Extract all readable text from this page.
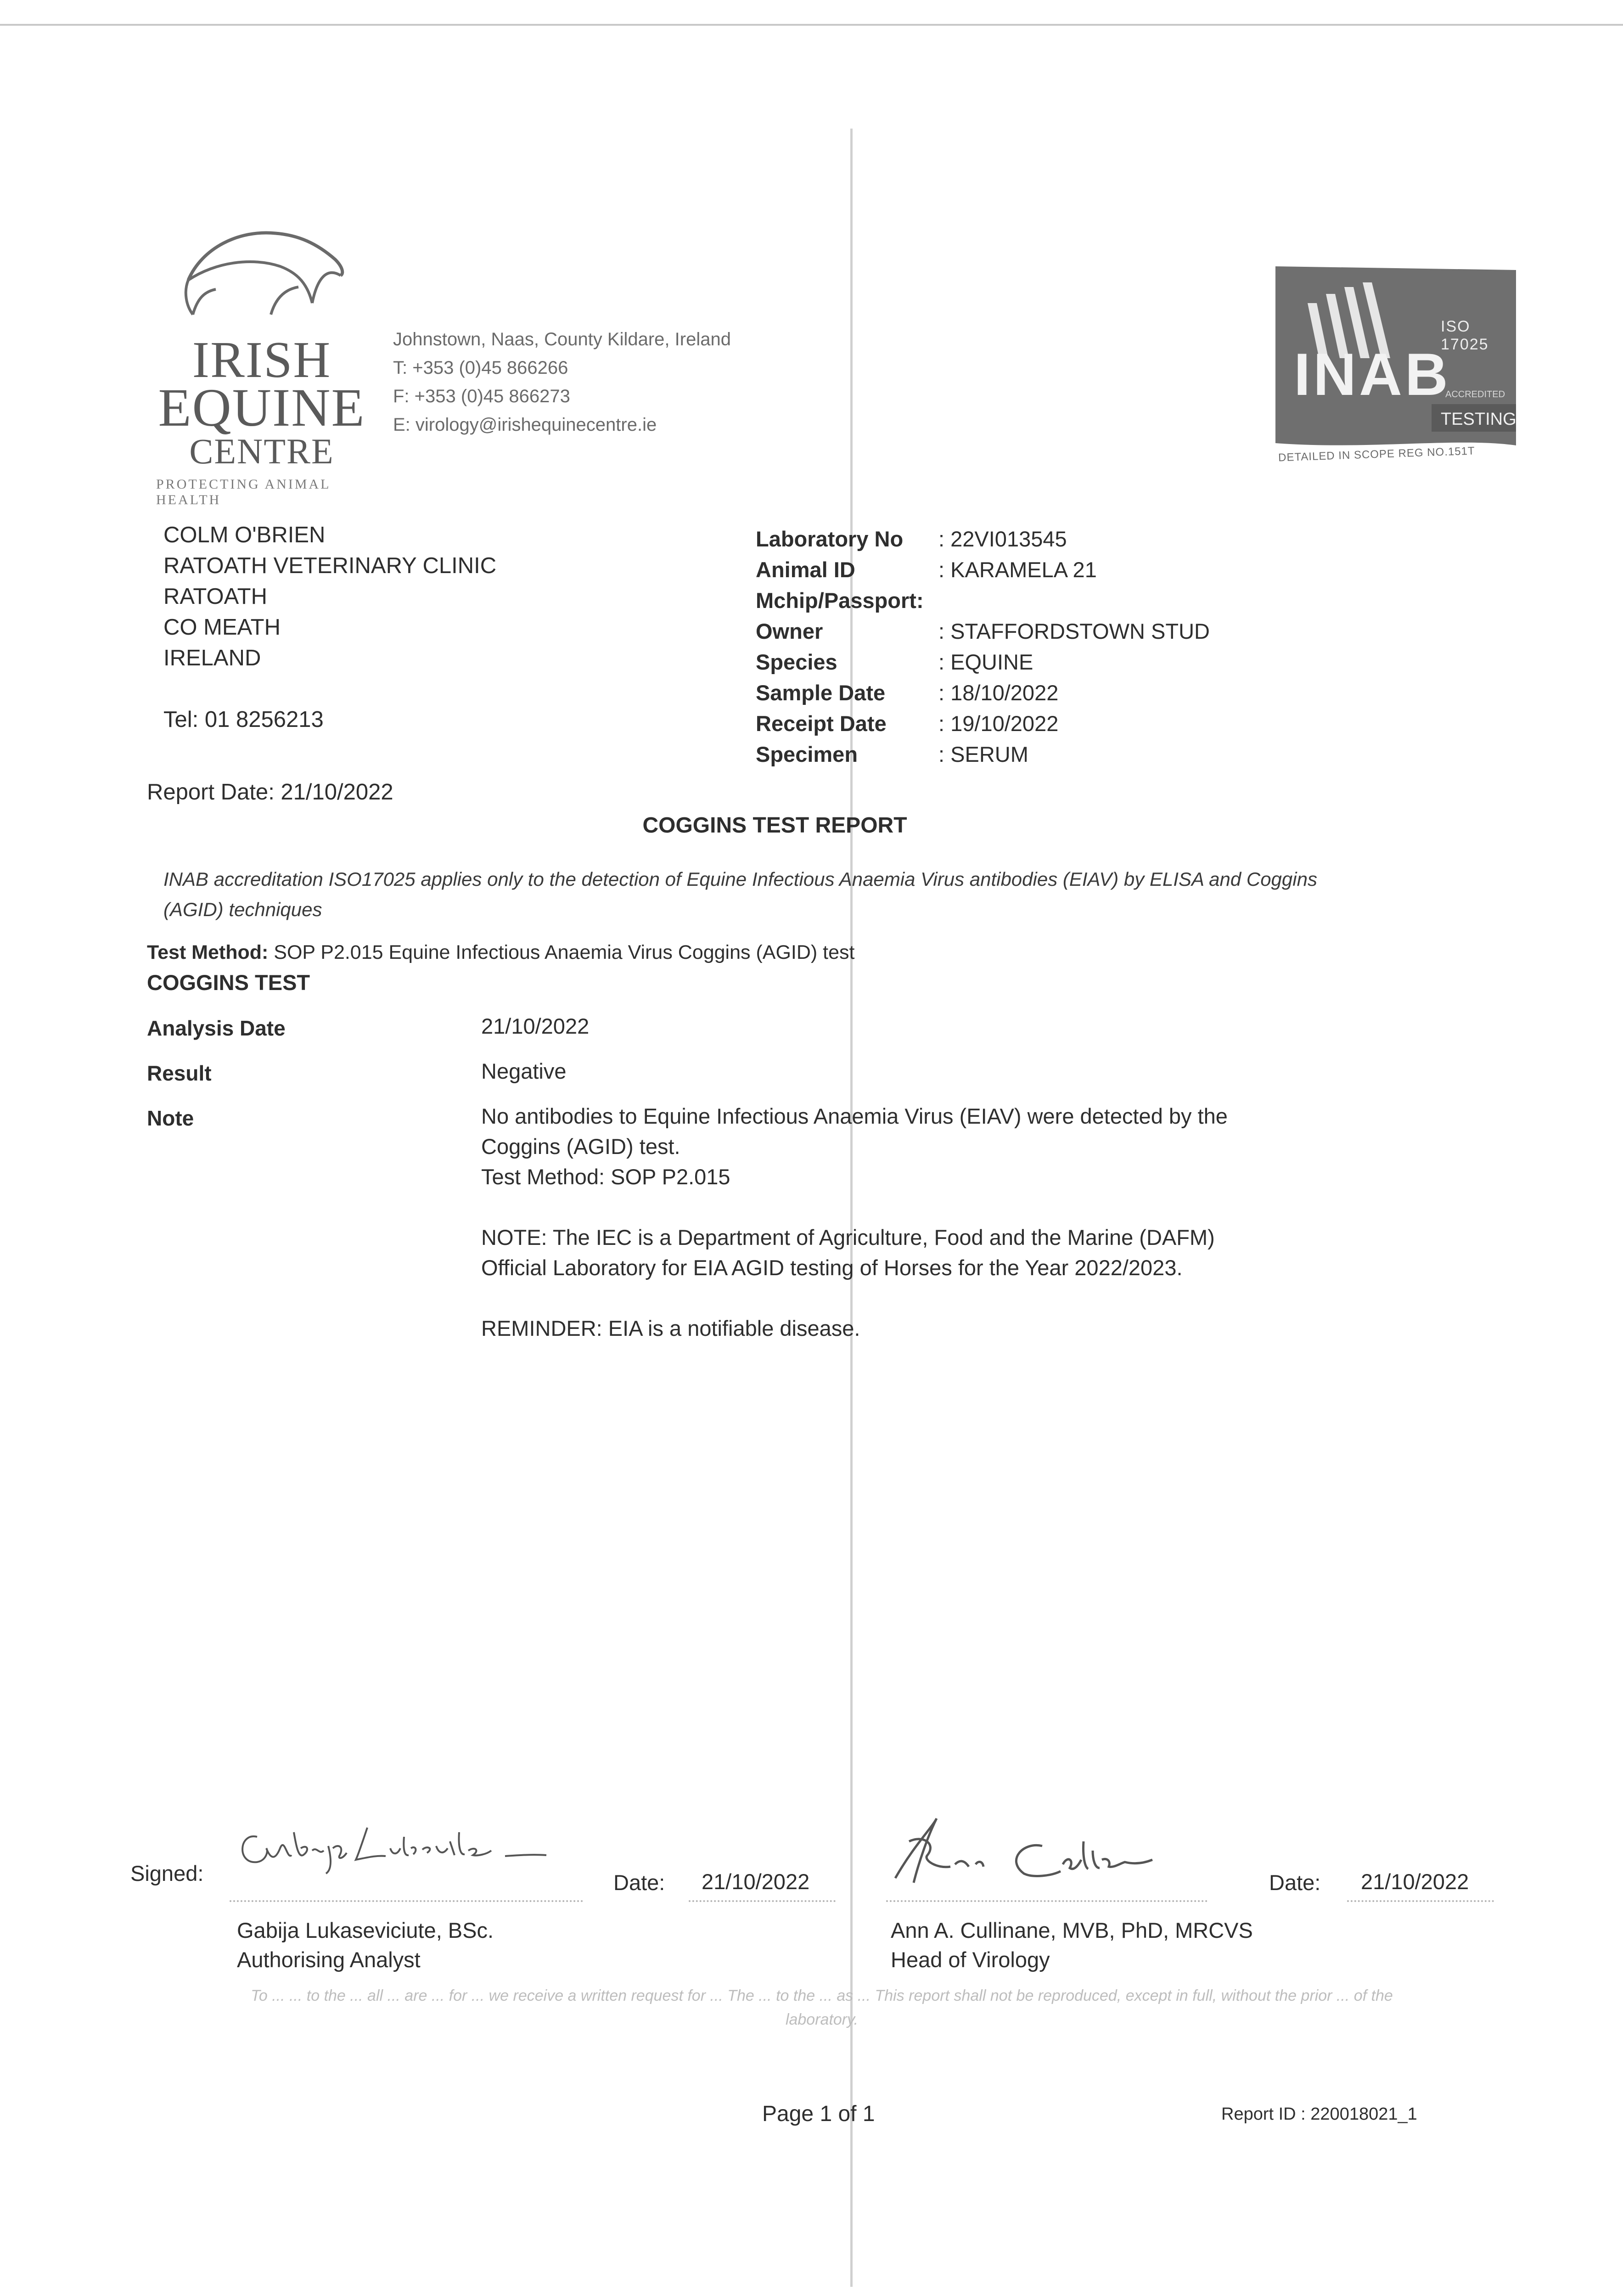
IRISH
EQUINE
CENTRE
PROTECTING ANIMAL HEALTH
Johnstown, Naas, County Kildare, Ireland
T: +353 (0)45 866266
F: +353 (0)45 866273
E: virology@irishequinecentre.ie
ISO 17025
INAB
ACCREDITED
TESTING
DETAILED IN SCOPE REG NO.151T
COLM O'BRIEN
RATOATH VETERINARY CLINIC
RATOATH
CO MEATH
IRELAND
Tel: 01 8256213
Report Date: 21/10/2022
Laboratory No	: 22VI013545
Animal ID	: KARAMELA 21
Mchip/Passport:
Owner	: STAFFORDSTOWN STUD
Species	: EQUINE
Sample Date	: 18/10/2022
Receipt Date	: 19/10/2022
Specimen	: SERUM
COGGINS TEST REPORT
INAB accreditation ISO17025 applies only to the detection of Equine Infectious Anaemia Virus antibodies (EIAV) by ELISA and Coggins (AGID) techniques
Test Method: SOP P2.015 Equine Infectious Anaemia Virus Coggins (AGID) test
COGGINS TEST
Analysis Date	21/10/2022
Result	Negative
Note	No antibodies to Equine Infectious Anaemia Virus (EIAV) were detected by the Coggins (AGID) test.
Test Method: SOP P2.015
NOTE: The IEC is a Department of Agriculture, Food and the Marine (DAFM) Official Laboratory for EIA AGID testing of Horses for the Year 2022/2023.
REMINDER: EIA is a notifiable disease.
Signed:	Date: 21/10/2022	Date: 21/10/2022
Gabija Lukaseviciute, BSc.
Authorising Analyst
Ann A. Cullinane, MVB, PhD, MRCVS
Head of Virology
To ... ... to the ... all ... are ... for ... we receive a written request for ... The ... to the ... as ... This report shall not be reproduced, except in full, without the prior ... of the laboratory.
Page 1 of 1	Report ID : 220018021_1
